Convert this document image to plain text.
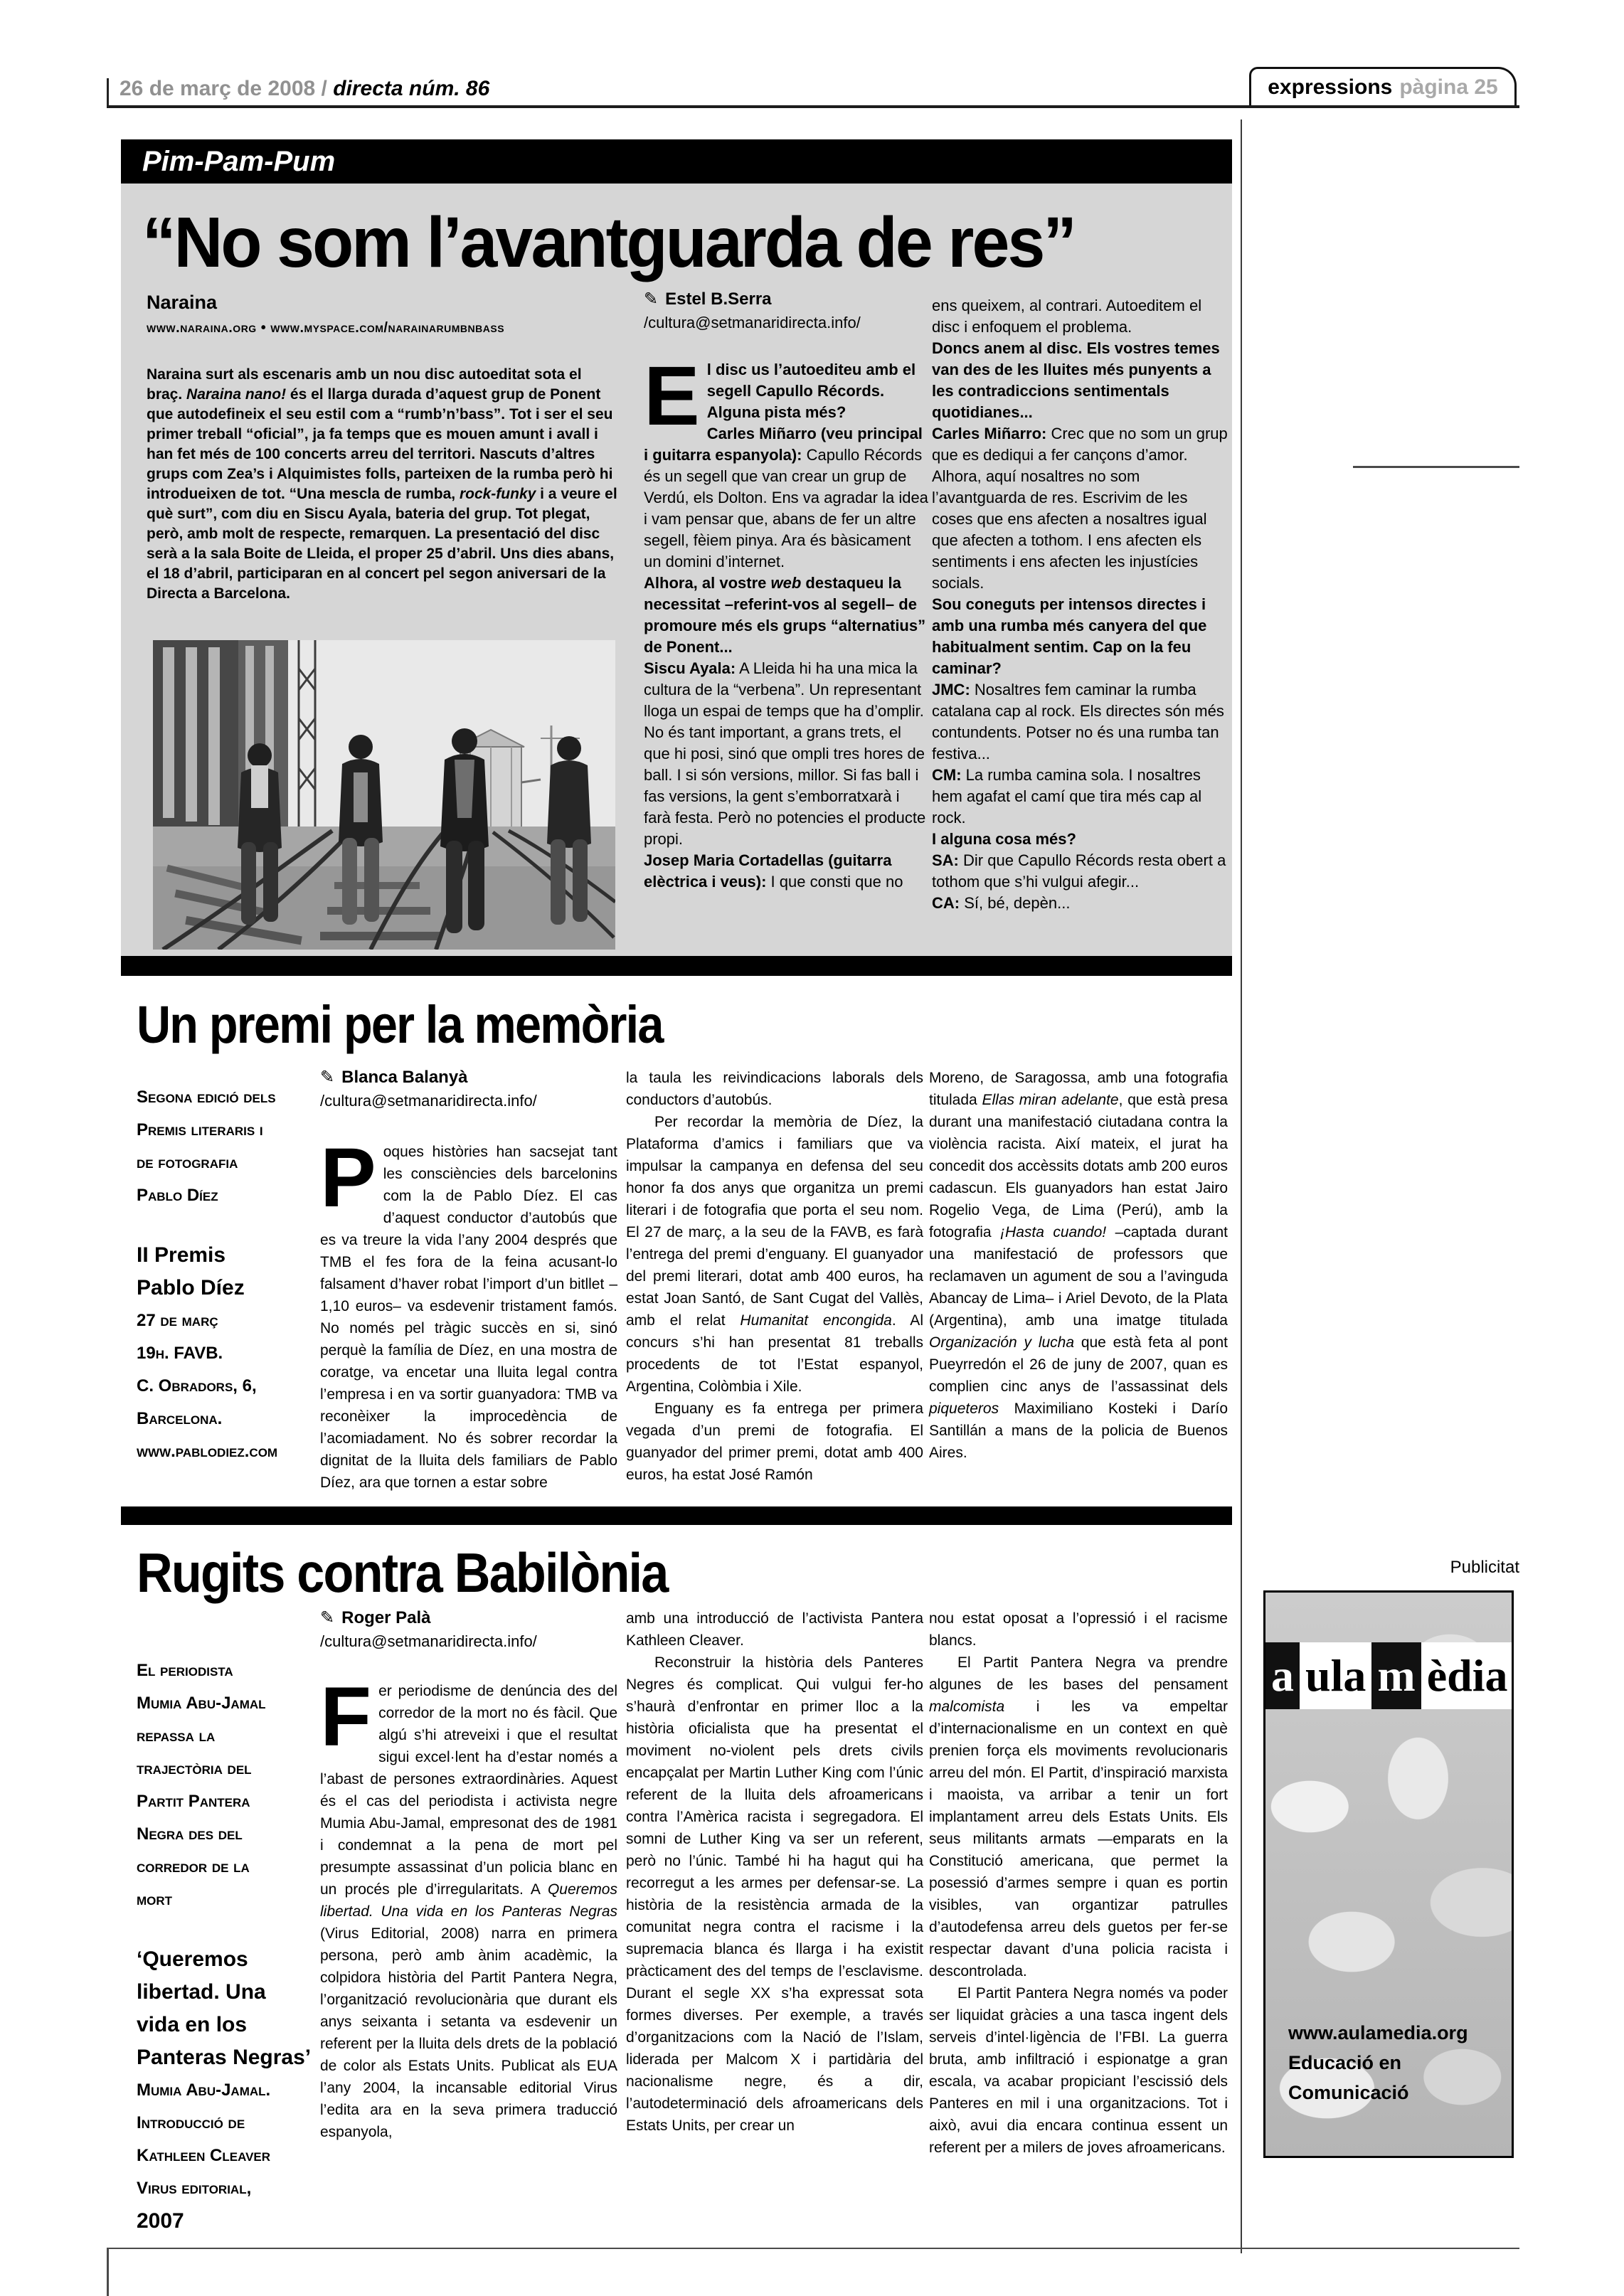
26 de març de 2008 / directa núm. 86	expressions pàgina 25
Pim-Pam-Pum
“No som l’avantguarda de res”
Naraina
www.naraina.org • www.myspace.com/narainarumbnbass
✎ Estel B.Serra
/cultura@setmanaridirecta.info/

Naraina surt als escenaris amb un nou disc autoeditat sota el braç. Naraina nano! és el llarga durada d’aquest grup de Ponent que autodefineix el seu estil com a “rumb’n’bass”. Tot i ser el seu primer treball “oficial”, ja fa temps que es mouen amunt i avall i han fet més de 100 concerts arreu del territori. Nascuts d’altres grups com Zea’s i Alquimistes folls, parteixen de la rumba però hi introdueixen de tot. “Una mescla de rumba, rock-funky i a veure el què surt”, com diu en Siscu Ayala, bateria del grup. Tot plegat, però, amb molt de respecte, remarquen. La presentació del disc serà a la sala Boite de Lleida, el proper 25 d’abril. Uns dies abans, el 18 d’abril, participaran en al concert pel segon aniversari de la Directa a Barcelona.

El disc us l’autoediteu amb el segell Capullo Récords. Alguna pista més?

Carles Miñarro (veu principal i guitarra espanyola): Capullo Récords és un segell que van crear un grup de Verdú, els Dolton. Ens va agradar la idea i vam pensar que, abans de fer un altre segell, fèiem pinya. Ara és bàsicament un domini d’internet.

Alhora, al vostre web destaqueu la necessitat –referint-vos al segell– de promoure més els grups “alternatius” de Ponent...

Siscu Ayala: A Lleida hi ha una mica la cultura de la “verbena”. Un representant lloga un espai de temps que ha d’omplir. No és tant important, a grans trets, el que hi posi, sinó que ompli tres hores de ball. I si són versions, millor. Si fas ball i fas versions, la gent s’emborratxarà i farà festa. Però no potencies el producte propi.

Josep Maria Cortadellas (guitarra elèctrica i veus): I que consti que no

ens queixem, al contrari. Autoeditem el disc i enfoquem el problema.

Doncs anem al disc. Els vostres temes van des de les lluites més punyents a les contradiccions sentimentals quotidianes...

Carles Miñarro: Crec que no som un grup que es dediqui a fer cançons d’amor. Alhora, aquí nosaltres no som l’avantguarda de res. Escrivim de les coses que ens afecten a nosaltres igual que afecten a tothom. I ens afecten els sentiments i ens afecten les injustícies socials.

Sou coneguts per intensos directes i amb una rumba més canyera del que habitualment sentim. Cap on la feu caminar?

JMC: Nosaltres fem caminar la rumba catalana cap al rock. Els directes són més contundents. Potser no és una rumba tan festiva...

CM: La rumba camina sola. I nosaltres hem agafat el camí que tira més cap al rock.

I alguna cosa més?

SA: Dir que Capullo Récords resta obert a tothom que s’hi vulgui afegir...

CA: Sí, bé, depèn...

Un premi per la memòria
Segona edició dels
Premis literaris i
de fotografia
Pablo Díez
II Premis
Pablo Díez
27 de març
19h. FAVB.
C. Obradors, 6,
Barcelona.
www.pablodiez.com
✎ Blanca Balanyà
/cultura@setmanaridirecta.info/

Poques històries han sacsejat tant les consciències dels barcelonins com la de Pablo Díez. El cas d’aquest conductor d’autobús que es va treure la vida l’any 2004 després que TMB el fes fora de la feina acusant-lo falsament d’haver robat l’import d’un bitllet –1,10 euros– va esdevenir tristament famós. No només pel tràgic succès en si, sinó perquè la família de Díez, en una mostra de coratge, va encetar una lluita legal contra l’empresa i en va sortir guanyadora: TMB va reconèixer la improcedència de l’acomiadament. No és sobrer recordar la dignitat de la lluita dels familiars de Pablo Díez, ara que tornen a estar sobre

la taula les reivindicacions laborals dels conductors d’autobús.

Per recordar la memòria de Díez, la Plataforma d’amics i familiars que va impulsar la campanya en defensa del seu honor fa dos anys que organitza un premi literari i de fotografia que porta el seu nom. El 27 de març, a la seu de la FAVB, es farà l’entrega del premi d’enguany. El guanyador del premi literari, dotat amb 400 euros, ha estat Joan Santó, de Sant Cugat del Vallès, amb el relat Humanitat encongida. Al concurs s’hi han presentat 81 treballs procedents de tot l’Estat espanyol, Argentina, Colòmbia i Xile.

Enguany es fa entrega per primera vegada d’un premi de fotografia. El guanyador del primer premi, dotat amb 400 euros, ha estat José Ramón

Moreno, de Saragossa, amb una fotografia titulada Ellas miran adelante, que està presa durant una manifestació ciutadana contra la violència racista. Així mateix, el jurat ha concedit dos accèssits dotats amb 200 euros cadascun. Els guanyadors han estat Jairo Rogelio Vega, de Lima (Perú), amb la fotografia ¡Hasta cuando! –captada durant una manifestació de professors que reclamaven un agument de sou a l’avinguda Abancay de Lima– i Ariel Devoto, de la Plata (Argentina), amb una imatge titulada Organización y lucha que està feta al pont Pueyrredón el 26 de juny de 2007, quan es complien cinc anys de l’assassinat dels piqueteros Maximiliano Kosteki i Darío Santillán a mans de la policia de Buenos Aires.

Rugits contra Babilònia
El periodista
Mumia Abu-Jamal
repassa la
trajectòria del
Partit Pantera
Negra des del
corredor de la
mort
‘Queremos
libertad. Una
vida en los
Panteras Negras’
Mumia Abu-Jamal.
Introducció de
Kathleen Cleaver
Virus editorial,
2007
✎ Roger Palà
/cultura@setmanaridirecta.info/

Fer periodisme de denúncia des del corredor de la mort no és fàcil. Que algú s’hi atreveixi i que el resultat sigui excel·lent ha d’estar només a l’abast de persones extraordinàries. Aquest és el cas del periodista i activista negre Mumia Abu-Jamal, empresonat des de 1981 i condemnat a la pena de mort pel presumpte assassinat d’un policia blanc en un procés ple d’irregularitats. A Queremos libertad. Una vida en los Panteras Negras (Virus Editorial, 2008) narra en primera persona, però amb ànim acadèmic, la colpidora història del Partit Pantera Negra, l’organització revolucionària que durant els anys seixanta i setanta va esdevenir un referent per la lluita dels drets de la població de color als Estats Units. Publicat als EUA l’any 2004, la incansable editorial Virus l’edita ara en la seva primera traducció espanyola,

amb una introducció de l’activista Pantera Kathleen Cleaver.

Reconstruir la història dels Panteres Negres és complicat. Qui vulgui fer-ho s’haurà d’enfrontar en primer lloc a la història oficialista que ha presentat el moviment no-violent pels drets civils encapçalat per Martin Luther King com l’únic referent de la lluita dels afroamericans contra l’Amèrica racista i segregadora. El somni de Luther King va ser un referent, però no l’únic. També hi ha hagut qui ha recorregut a les armes per defensar-se. La història de la resistència armada de la comunitat negra contra el racisme i la supremacia blanca és llarga i ha existit pràcticament des del temps de l’esclavisme. Durant el segle XX s’ha expressat sota formes diverses. Per exemple, a través d’organitzacions com la Nació de l’Islam, liderada per Malcom X i partidària del nacionalisme negre, és a dir, l’autodeterminació dels afroamericans dels Estats Units, per crear un

nou estat oposat a l’opressió i el racisme blancs.

El Partit Pantera Negra va prendre algunes de les bases del pensament malcomista i les va empeltar d’internacionalisme en un context en què prenien força els moviments revolucionaris arreu del món. El Partit, d’inspiració marxista i maoista, va arribar a tenir un fort implantament arreu dels Estats Units. Els seus militants armats —emparats en la Constitució americana, que permet la posessió d’armes sempre i quan es portin visibles, van organtizar patrulles d’autodefensa arreu dels guetos per fer-se respectar davant d’una policia racista i descontrolada.

El Partit Pantera Negra només va poder ser liquidat gràcies a una tasca ingent dels serveis d’intel·ligència de l’FBI. La guerra bruta, amb infiltració i espionatge a gran escala, va acabar propiciant l’escissió dels Panteres en mil i una organitzacions. Tot i això, avui dia encara continua essent un referent per a milers de joves afroamericans.

Publicitat
a ula m èdia
www.aulamedia.org
Educació en Comunicació
